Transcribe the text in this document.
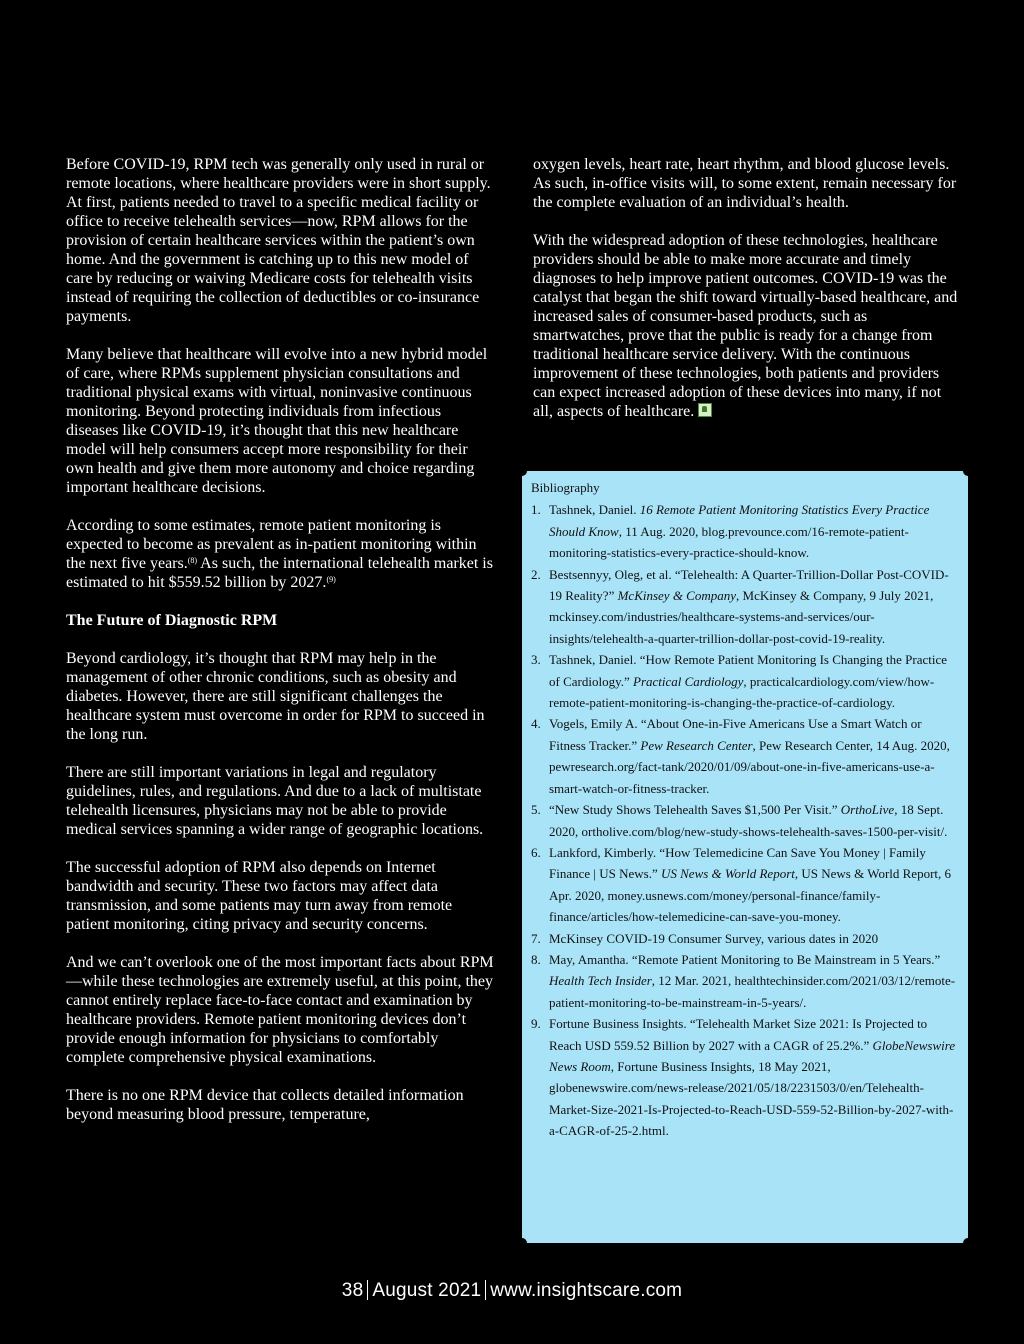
Before COVID-19, RPM tech was generally only used in rural or remote locations, where healthcare providers were in short supply. At first, patients needed to travel to a specific medical facility or office to receive telehealth services—now, RPM allows for the provision of certain healthcare services within the patient’s own home. And the government is catching up to this new model of care by reducing or waiving Medicare costs for telehealth visits instead of requiring the collection of deductibles or co-insurance payments.

Many believe that healthcare will evolve into a new hybrid model of care, where RPMs supplement physician consultations and traditional physical exams with virtual, noninvasive continuous monitoring. Beyond protecting individuals from infectious diseases like COVID-19, it’s thought that this new healthcare model will help consumers accept more responsibility for their own health and give them more autonomy and choice regarding important healthcare decisions.

According to some estimates, remote patient monitoring is expected to become as prevalent as in-patient monitoring within the next five years.$^{(8)}$ As such, the international telehealth market is estimated to hit $559.52 billion by 2027.$^{(9)}$

The Future of Diagnostic RPM

Beyond cardiology, it’s thought that RPM may help in the management of other chronic conditions, such as obesity and diabetes. However, there are still significant challenges the healthcare system must overcome in order for RPM to succeed in the long run.

There are still important variations in legal and regulatory guidelines, rules, and regulations. And due to a lack of multistate telehealth licensures, physicians may not be able to provide medical services spanning a wider range of geographic locations.

The successful adoption of RPM also depends on Internet bandwidth and security. These two factors may affect data transmission, and some patients may turn away from remote patient monitoring, citing privacy and security concerns.

And we can’t overlook one of the most important facts about RPM—while these technologies are extremely useful, at this point, they cannot entirely replace face-to-face contact and examination by healthcare providers. Remote patient monitoring devices don’t provide enough information for physicians to comfortably complete comprehensive physical examinations.

There is no one RPM device that collects detailed information beyond measuring blood pressure, temperature,

oxygen levels, heart rate, heart rhythm, and blood glucose levels. As such, in-office visits will, to some extent, remain necessary for the complete evaluation of an individual’s health.

With the widespread adoption of these technologies, healthcare providers should be able to make more accurate and timely diagnoses to help improve patient outcomes. COVID-19 was the catalyst that began the shift toward virtually-based healthcare, and increased sales of consumer-based products, such as smartwatches, prove that the public is ready for a change from traditional healthcare service delivery. With the continuous improvement of these technologies, both patients and providers can expect increased adoption of these devices into many, if not all, aspects of healthcare.

Bibliography
1. Tashnek, Daniel. 16 Remote Patient Monitoring Statistics Every Practice Should Know, 11 Aug. 2020, blog.prevounce.com/16-remote-patient-monitoring-statistics-every-practice-should-know.
2. Bestsennyy, Oleg, et al. “Telehealth: A Quarter-Trillion-Dollar Post-COVID-19 Reality?” McKinsey & Company, McKinsey & Company, 9 July 2021, mckinsey.com/industries/healthcare-systems-and-services/our-insights/telehealth-a-quarter-trillion-dollar-post-covid-19-reality.
3. Tashnek, Daniel. “How Remote Patient Monitoring Is Changing the Practice of Cardiology.” Practical Cardiology, practicalcardiology.com/view/how-remote-patient-monitoring-is-changing-the-practice-of-cardiology.
4. Vogels, Emily A. “About One-in-Five Americans Use a Smart Watch or Fitness Tracker.” Pew Research Center, Pew Research Center, 14 Aug. 2020, pewresearch.org/fact-tank/2020/01/09/about-one-in-five-americans-use-a-smart-watch-or-fitness-tracker.
5. “New Study Shows Telehealth Saves $1,500 Per Visit.” OrthoLive, 18 Sept. 2020, ortholive.com/blog/new-study-shows-telehealth-saves-1500-per-visit/.
6. Lankford, Kimberly. “How Telemedicine Can Save You Money | Family Finance | US News.” US News & World Report, US News & World Report, 6 Apr. 2020, money.usnews.com/money/personal-finance/family-finance/articles/how-telemedicine-can-save-you-money.
7. McKinsey COVID-19 Consumer Survey, various dates in 2020
8. May, Amantha. “Remote Patient Monitoring to Be Mainstream in 5 Years.” Health Tech Insider, 12 Mar. 2021, healthtechinsider.com/2021/03/12/remote-patient-monitoring-to-be-mainstream-in-5-years/.
9. Fortune Business Insights. “Telehealth Market Size 2021: Is Projected to Reach USD 559.52 Billion by 2027 with a CAGR of 25.2%.” GlobeNewswire News Room, Fortune Business Insights, 18 May 2021, globenewswire.com/news-release/2021/05/18/2231503/0/en/Telehealth-Market-Size-2021-Is-Projected-to-Reach-USD-559-52-Billion-by-2027-with-a-CAGR-of-25-2.html.
38 August 2021 www.insightscare.com
